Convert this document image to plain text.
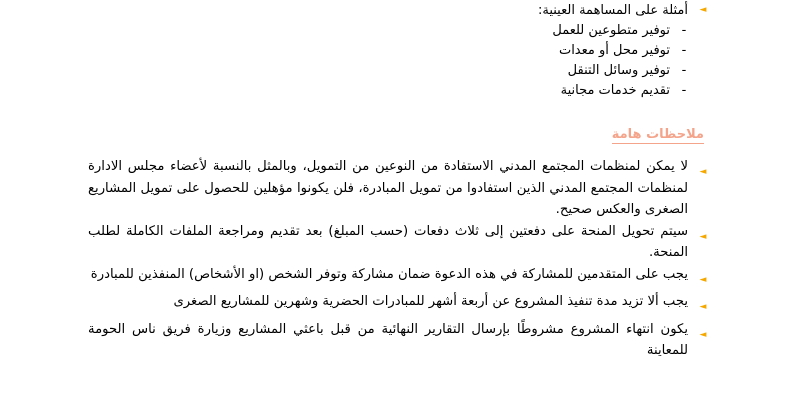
◄
أمثلة على المساهمة العينية:
-
توفير متطوعين للعمل
-
توفير محل أو معدات
-
توفير وسائل التنقل
-
تقديم خدمات مجانية
ملاحظات هامة
◄
لا يمكن لمنظمات المجتمع المدني الاستفادة من النوعين من التمويل، وبالمثل بالنسبة لأعضاء مجلس الادارة لمنظمات المجتمع المدني الذين استفادوا من تمويل المبادرة، فلن يكونوا مؤهلين للحصول على تمويل المشاريع الصغرى والعكس صحيح.
◄
سيتم تحويل المنحة على دفعتين إلى ثلاث دفعات (حسب المبلغ) بعد تقديم ومراجعة الملفات الكاملة لطلب المنحة.
◄
يجب على المتقدمين للمشاركة في هذه الدعوة ضمان مشاركة وتوفر الشخص (او الأشخاص) المنفذين للمبادرة
◄
يجب ألا تزيد مدة تنفيذ المشروع عن أربعة أشهر للمبادرات الحضرية وشهرين للمشاريع الصغرى
◄
يكون انتهاء المشروع مشروطًا بإرسال التقارير النهائية من قبل باعثي المشاريع وزيارة فريق ناس الحومة للمعاينة
